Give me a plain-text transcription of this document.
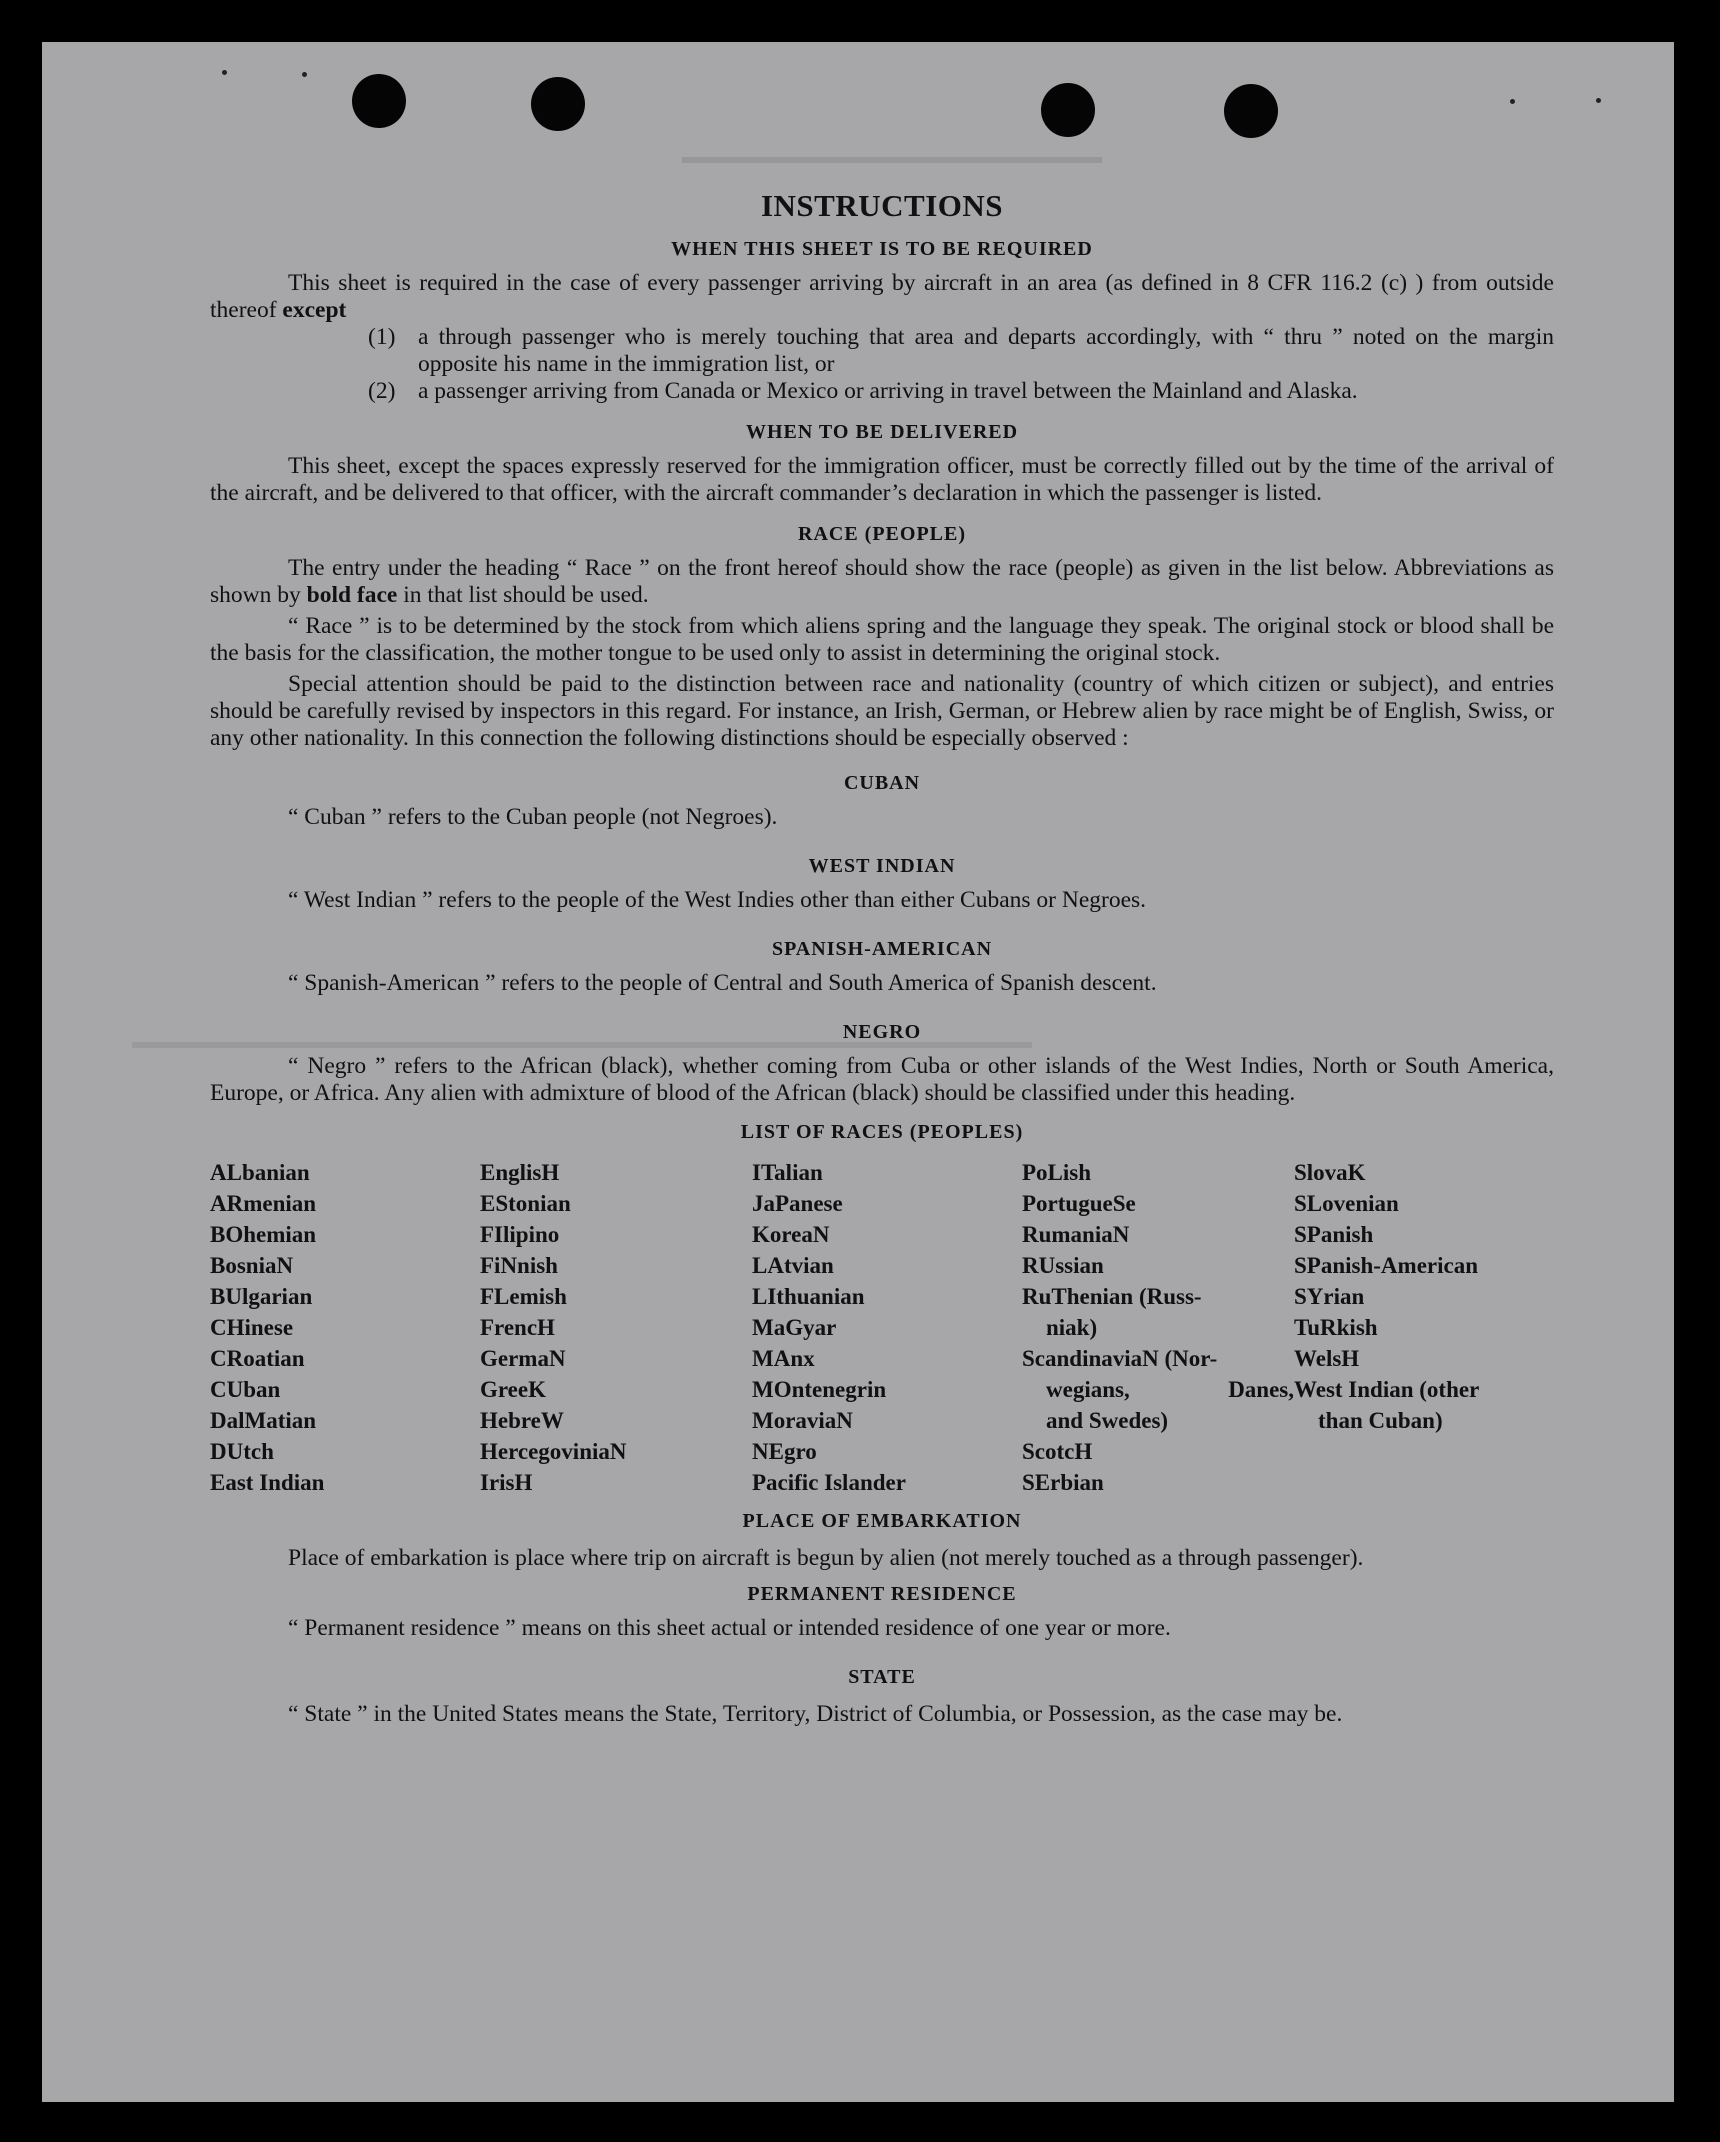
INSTRUCTIONS
WHEN THIS SHEET IS TO BE REQUIRED

This sheet is required in the case of every passenger arriving by aircraft in an area (as defined in 8 CFR 116.2 (c) ) from outside thereof except

(1) a through passenger who is merely touching that area and departs accordingly, with “ thru ” noted on the margin opposite his name in the immigration list, or
(2) a passenger arriving from Canada or Mexico or arriving in travel between the Mainland and Alaska.
WHEN TO BE DELIVERED

This sheet, except the spaces expressly reserved for the immigration officer, must be correctly filled out by the time of the arrival of the aircraft, and be delivered to that officer, with the aircraft commander’s declaration in which the passenger is listed.

RACE (PEOPLE)

The entry under the heading “ Race ” on the front hereof should show the race (people) as given in the list below. Abbreviations as shown by bold face in that list should be used.

“ Race ” is to be determined by the stock from which aliens spring and the language they speak. The original stock or blood shall be the basis for the classification, the mother tongue to be used only to assist in determining the original stock.

Special attention should be paid to the distinction between race and nationality (country of which citizen or subject), and entries should be carefully revised by inspectors in this regard. For instance, an Irish, German, or Hebrew alien by race might be of English, Swiss, or any other nationality. In this connection the following distinctions should be especially observed :

CUBAN

“ Cuban ” refers to the Cuban people (not Negroes).

WEST INDIAN

“ West Indian ” refers to the people of the West Indies other than either Cubans or Negroes.

SPANISH-AMERICAN

“ Spanish-American ” refers to the people of Central and South America of Spanish descent.

NEGRO

“ Negro ” refers to the African (black), whether coming from Cuba or other islands of the West Indies, North or South America, Europe, or Africa. Any alien with admixture of blood of the African (black) should be classified under this heading.

LIST OF RACES (PEOPLES)
ALbanian
ARmenian
BOhemian
BosniaN
BUlgarian
CHinese
CRoatian
CUban
DalMatian
DUtch
East Indian
EnglisH
EStonian
FIlipino
FiNnish
FLemish
FrencH
GermaN
GreeK
HebreW
HercegoviniaN
IrisH
ITalian
JaPanese
KoreaN
LAtvian
LIthuanian
MaGyar
MAnx
MOntenegrin
MoraviaN
NEgro
Pacific Islander
PoLish
PortugueSe
RumaniaN
RUssian
RuThenian (Russ-
niak)
ScandinaviaN (Nor-
wegians,	Danes,
and Swedes)
ScotcH
SErbian
SlovaK
SLovenian
SPanish
SPanish-American
SYrian
TuRkish
WelsH
West Indian (other
than Cuban)
PLACE OF EMBARKATION

Place of embarkation is place where trip on aircraft is begun by alien (not merely touched as a through passenger).

PERMANENT RESIDENCE

“ Permanent residence ” means on this sheet actual or intended residence of one year or more.

STATE

“ State ” in the United States means the State, Territory, District of Columbia, or Possession, as the case may be.
